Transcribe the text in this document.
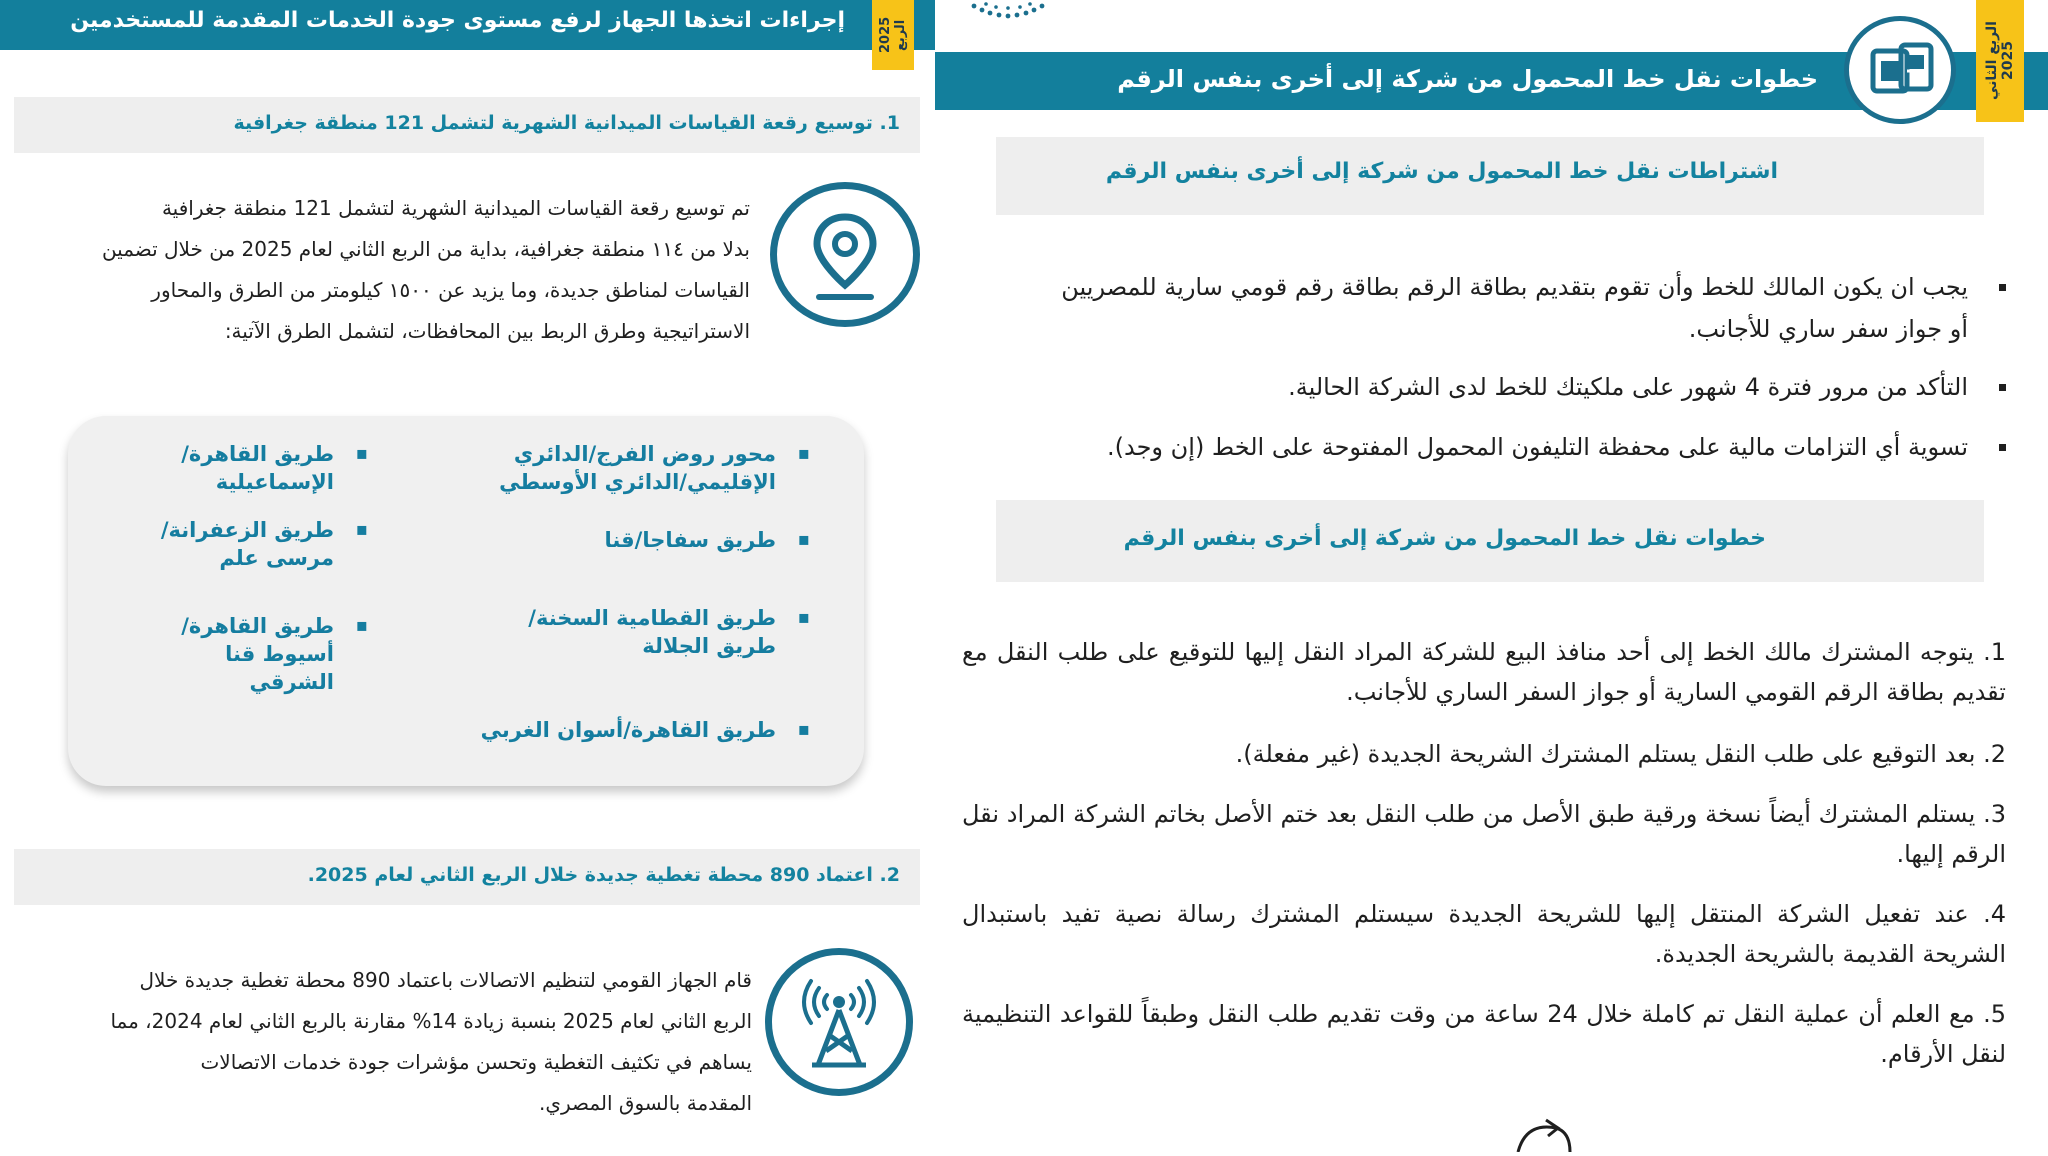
إجراءات اتخذها الجهاز لرفع مستوى جودة الخدمات المقدمة للمستخدمين	2025 الربع
1. توسيع رقعة القياسات الميدانية الشهرية لتشمل 121 منطقة جغرافية
تم توسيع رقعة القياسات الميدانية الشهرية لتشمل 121 منطقة جغرافية
بدلا من ١١٤ منطقة جغرافية، بداية من الربع الثاني لعام 2025 من خلال تضمين
القياسات لمناطق جديدة، وما يزيد عن ١٥٠٠ كيلومتر من الطرق والمحاور
الاستراتيجية وطرق الربط بين المحافظات، لتشمل الطرق الآتية:
▪
محور روض الفرج/الدائري الإقليمي/الدائري الأوسطي
▪
طريق سفاجا/قنا
▪
طريق القطامية السخنة/طريق الجلالة
▪
طريق القاهرة/أسوان الغربي
▪
طريق القاهرة/الإسماعيلية
▪
طريق الزعفرانة/مرسى علم
▪
طريق القاهرة/أسيوط قنا الشرقي
2. اعتماد 890 محطة تغطية جديدة خلال الربع الثاني لعام 2025.
قام الجهاز القومي لتنظيم الاتصالات باعتماد 890 محطة تغطية جديدة خلال
الربع الثاني لعام 2025 بنسبة زيادة 14% مقارنة بالربع الثاني لعام 2024، مما
يساهم في تكثيف التغطية وتحسن مؤشرات جودة خدمات الاتصالات
المقدمة بالسوق المصري.
خطوات نقل خط المحمول من شركة إلى أخرى بنفس الرقم	الربع الثاني 2025
اشتراطات نقل خط المحمول من شركة إلى أخرى بنفس الرقم
يجب ان يكون المالك للخط وأن تقوم بتقديم بطاقة الرقم بطاقة رقم قومي سارية للمصريين
أو جواز سفر ساري للأجانب.
التأكد من مرور فترة 4 شهور على ملكيتك للخط لدى الشركة الحالية.
تسوية أي التزامات مالية على محفظة التليفون المحمول المفتوحة على الخط (إن وجد).
خطوات نقل خط المحمول من شركة إلى أخرى بنفس الرقم
1. يتوجه المشترك مالك الخط إلى أحد منافذ البيع للشركة المراد النقل إليها للتوقيع على طلب النقل مع تقديم بطاقة الرقم القومي السارية أو جواز السفر الساري للأجانب.
2. بعد التوقيع على طلب النقل يستلم المشترك الشريحة الجديدة (غير مفعلة).
3. يستلم المشترك أيضاً نسخة ورقية طبق الأصل من طلب النقل بعد ختم الأصل بخاتم الشركة المراد نقل الرقم إليها.
4. عند تفعيل الشركة المنتقل إليها للشريحة الجديدة سيستلم المشترك رسالة نصية تفيد باستبدال الشريحة القديمة بالشريحة الجديدة.
5. مع العلم أن عملية النقل تم كاملة خلال 24 ساعة من وقت تقديم طلب النقل وطبقاً للقواعد التنظيمية لنقل الأرقام.
